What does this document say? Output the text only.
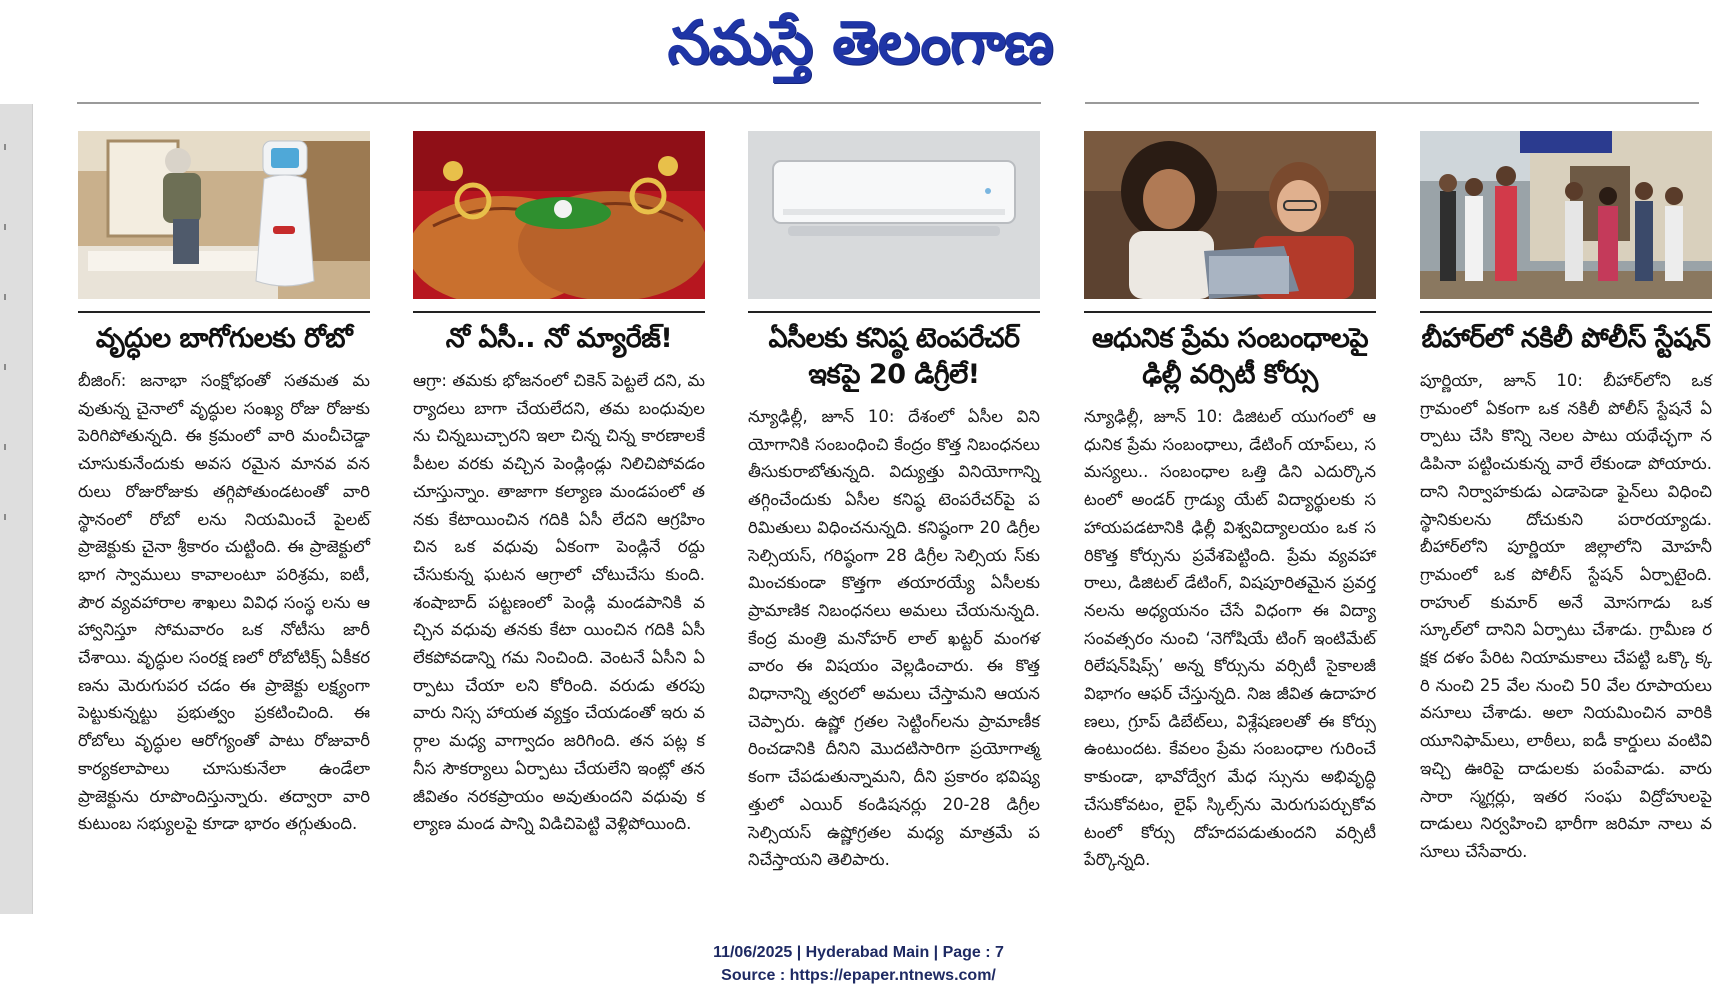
నమస్తే తెలంగాణ
వృద్ధుల బాగోగులకు రోబో
బీజింగ్‌: జనాభా సంక్షోభంతో సతమత మవుతున్న చైనాలో వృద్ధుల సంఖ్య రోజు రోజుకు పెరిగిపోతున్నది. ఈ క్రమంలో వారి మంచీచెడ్డా చూసుకునేందుకు అవస రమైన మానవ వనరులు రోజురోజుకు తగ్గిపోతుండటంతో వారి స్థానంలో రోబో లను నియమించే పైలట్‌ ప్రాజెక్టుకు చైనా శ్రీకారం చుట్టింది. ఈ ప్రాజెక్టులో భాగ స్వాములు కావాలంటూ పరిశ్రమ, ఐటీ, పౌర వ్యవహారాల శాఖలు వివిధ సంస్థ లను ఆహ్వానిస్తూ సోమవారం ఒక నోటీసు జారీ చేశాయి. వృద్ధుల సంరక్ష ణలో రోబోటిక్స్‌ ఏకీకరణను మెరుగుపర చడం ఈ ప్రాజెక్టు లక్ష్యంగా పెట్టుకున్నట్టు ప్రభుత్వం ప్రకటించింది. ఈ రోబోలు వృద్ధుల ఆరోగ్యంతో పాటు రోజువారీ కార్యకలాపాలు చూసుకునేలా ఉండేలా ప్రాజెక్టును రూపొందిస్తున్నారు. తద్వారా వారి కుటుంబ సభ్యులపై కూడా భారం తగ్గుతుంది.
నో ఏసీ.. నో మ్యారేజ్‌!
ఆగ్రా: తమకు భోజనంలో చికెన్‌ పెట్టలే దని, మర్యాదలు బాగా చేయలేదని, తమ బంధువులను చిన్నబుచ్చారని ఇలా చిన్న చిన్న కారణాలకే పీటల వరకు వచ్చిన పెండ్లిండ్లు నిలిచిపోవడం చూస్తున్నాం. తాజాగా కల్యాణ మండపంలో తనకు కేటాయించిన గదికి ఏసీ లేదని ఆగ్రహిం చిన ఒక వధువు ఏకంగా పెండ్లినే రద్దు చేసుకున్న ఘటన ఆగ్రాలో చోటుచేసు కుంది. శంషాబాద్‌ పట్టణంలో పెండ్లి మండపానికి వచ్చిన వధువు తనకు కేటా యించిన గదికి ఏసీ లేకపోవడాన్ని గమ నించింది. వెంటనే ఏసీని ఏర్పాటు చేయా లని కోరింది. వరుడు తరపు వారు నిస్స హాయత వ్యక్తం చేయడంతో ఇరు వర్గాల మధ్య వాగ్వాదం జరిగింది. తన పట్ల కనీస సౌకర్యాలు ఏర్పాటు చేయలేని ఇంట్లో తన జీవితం నరకప్రాయం అవుతుందని వధువు కల్యాణ మండ పాన్ని విడిచిపెట్టి వెళ్లిపోయింది.
ఏసీలకు కనిష్ఠ టెంపరేచర్‌ ఇకపై 20 డిగ్రీలే!
న్యూఢిల్లీ, జూన్‌ 10: దేశంలో ఏసీల విని యోగానికి సంబంధించి కేంద్రం కొత్త నిబంధనలు తీసుకురాబోతున్నది. విద్యుత్తు వినియోగాన్ని తగ్గించేందుకు ఏసీల కనిష్ఠ టెంపరేచర్‌పై పరిమితులు విధించనున్నది. కనిష్ఠంగా 20 డిగ్రీల సెల్సియస్‌, గరిష్ఠంగా 28 డిగ్రీల సెల్సియ స్‌కు మించకుండా కొత్తగా తయారయ్యే ఏసీలకు ప్రామాణిక నిబంధనలు అమలు చేయనున్నది. కేంద్ర మంత్రి మనోహర్‌ లాల్‌ ఖట్టర్‌ మంగళవారం ఈ విషయం వెల్లడించారు. ఈ కొత్త విధానాన్ని త్వరలో అమలు చేస్తామని ఆయన చెప్పారు. ఉష్ణో గ్రతల సెట్టింగ్‌లను ప్రామాణీకరించడానికి దీనిని మొదటిసారిగా ప్రయోగాత్మకంగా చేపడుతున్నామని, దీని ప్రకారం భవిష్య త్తులో ఎయిర్‌ కండిషనర్లు 20-28 డిగ్రీల సెల్సియస్‌ ఉష్ణోగ్రతల మధ్య మాత్రమే పనిచేస్తాయని తెలిపారు.
ఆధునిక ప్రేమ సంబంధాలపై ఢిల్లీ వర్సిటీ కోర్సు
న్యూఢిల్లీ, జూన్‌ 10: డిజిటల్‌ యుగంలో ఆధునిక ప్రేమ సంబంధాలు, డేటింగ్‌ యాప్‌లు, సమస్యలు.. సంబంధాల ఒత్తి డిని ఎదుర్కొనటంలో అండర్‌ గ్రాడ్యు యేట్‌ విద్యార్థులకు సహాయపడటానికి ఢిల్లీ విశ్వవిద్యాలయం ఒక సరికొత్త కోర్సును ప్రవేశపెట్టింది. ప్రేమ వ్యవహా రాలు, డిజిటల్‌ డేటింగ్‌, విషపూరితమైన ప్రవర్తనలను అధ్యయనం చేసే విధంగా ఈ విద్యా సంవత్సరం నుంచి ‘నెగోషియే టింగ్‌ ఇంటిమేట్‌ రిలేషన్‌షిప్స్‌’ అన్న కోర్సును వర్సిటీ సైకాలజీ విభాగం ఆఫర్‌ చేస్తున్నది. నిజ జీవిత ఉదాహరణలు, గ్రూప్‌ డిబేట్‌లు, విశ్లేషణలతో ఈ కోర్సు ఉంటుందట. కేవలం ప్రేమ సంబంధాల గురించే కాకుండా, భావోద్వేగ మేధ స్సును అభివృద్ధి చేసుకోవటం, లైఫ్‌ స్కిల్స్‌ను మెరుగుపర్చుకోవటంలో కోర్సు దోహదపడుతుందని వర్సిటీ పేర్కొన్నది.
బీహార్‌లో నకిలీ పోలీస్‌ స్టేషన్‌
పూర్ణియా, జూన్‌ 10: బీహార్‌లోని ఒక గ్రామంలో ఏకంగా ఒక నకిలీ పోలీస్‌ స్టేషనే ఏర్పాటు చేసి కొన్ని నెలల పాటు యథేచ్ఛగా నడిపినా పట్టించుకున్న వారే లేకుండా పోయారు. దాని నిర్వాహకుడు ఎడాపెడా ఫైన్‌లు విధించి స్థానికులను దోచుకుని పరారయ్యాడు. బీహార్‌లోని పూర్ణియా జిల్లాలోని మోహనీ గ్రామంలో ఒక పోలీస్‌ స్టేషన్‌ ఏర్పాటైంది. రాహుల్‌ కుమార్‌ అనే మోసగాడు ఒక స్కూల్‌లో దానిని ఏర్పాటు చేశాడు. గ్రామీణ రక్షక దళం పేరిట నియామకాలు చేపట్టి ఒక్కొ క్కరి నుంచి 25 వేల నుంచి 50 వేల రూపాయలు వసూలు చేశాడు. అలా నియమించిన వారికి యూనిఫామ్‌లు, లాఠీలు, ఐడీ కార్డులు వంటివి ఇచ్చి ఊరిపై దాడులకు పంపేవాడు. వారు సారా స్మగ్లర్లు, ఇతర సంఘ విద్రోహులపై దాడులు నిర్వహించి భారీగా జరిమా నాలు వసూలు చేసేవారు.
11/06/2025 | Hyderabad Main | Page : 7
Source : https://epaper.ntnews.com/
